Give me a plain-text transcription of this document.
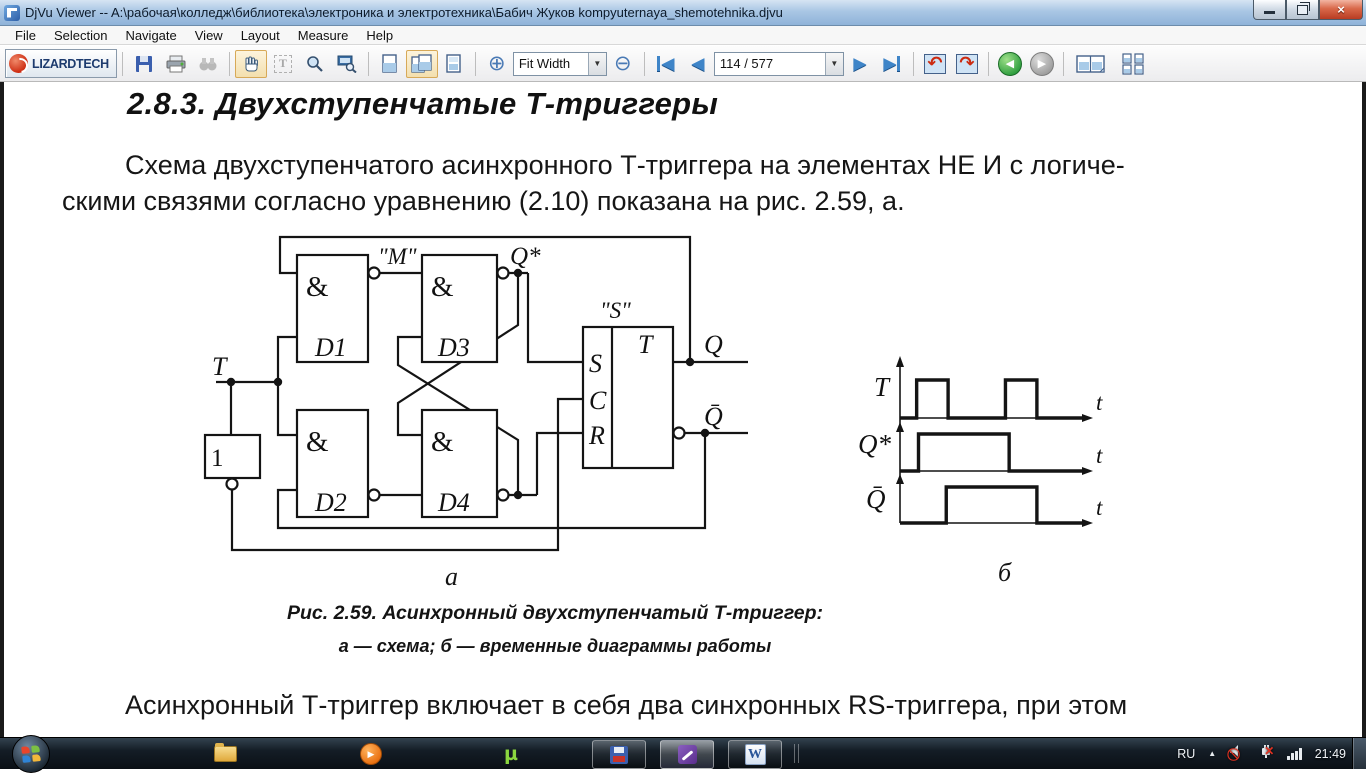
DjVu Viewer -- A:\рабочая\колледж\библиотека\электроника и электротехника\Бабич Жуков kompyuternaya_shemotehnika.djvu	×
File	Selection	Navigate	View	Layout	Measure	Help
LIZARDTECH	T	⊕	Fit Width	▼ ⊖ ◀ ◀	114 / 577	▼ ▶ ▶ ↶ ↷	◀	▶
2.8.3. Двухступенчатые Т-триггеры
Схема двухступенчатого асинхронного Т-триггера на элементах НЕ И с логиче-
скими связями согласно уравнению (2.10) показана на рис. 2.59, а.
&
&
&
&
D1
D2
D3
D4
1
T
"M"	Q*
"S"
S
C
R
T Q
Q̄
T
Q*
Q̄
t
t
t
а	б
Рис. 2.59. Асинхронный двухступенчатый Т-триггер:
а — схема; б — временные диаграммы работы
Асинхронный Т-триггер включает в себя два синхронных RS-триггера, при этом
▶	µ	W	RU ▲	✕	21:49
